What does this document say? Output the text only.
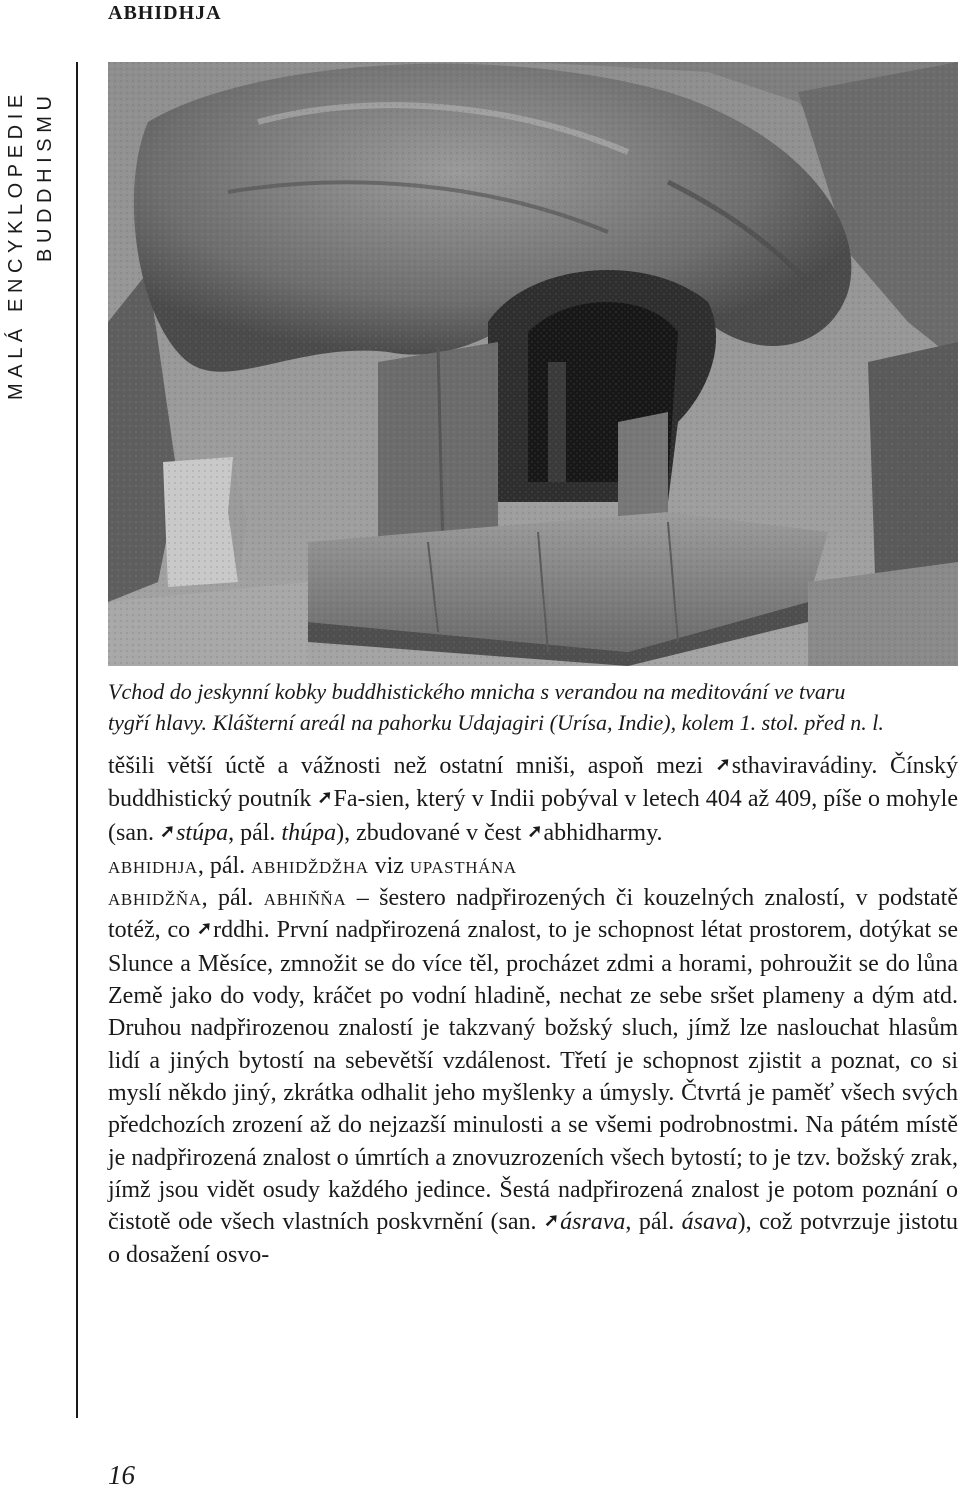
ABHIDHJA
MALÁ ENCYKLOPEDIE BUDDHISMU
Vchod do jeskynní kobky buddhistického mnicha s verandou na meditování ve tvaru
tygří hlavy. Klášterní areál na pahorku Udajagiri (Urísa, Indie), kolem 1. stol. před n. l.

těšili větší úctě a vážnosti než ostatní mniši, aspoň mezi ➚sthaviravádiny. Čínský buddhistický poutník ➚Fa-sien, který v Indii pobýval v letech 404 až 409, píše o mohyle (san. ➚stúpa, pál. thúpa), zbudované v čest ➚abhidharmy.

abhidhja, pál. abhidždžha viz upasthána

abhidžňa, pál. abhiňňa – šestero nadpřirozených či kouzelných znalostí, v podstatě totéž, co ➚rddhi. První nadpřirozená znalost, to je schopnost létat prostorem, dotýkat se Slunce a Měsíce, zmnožit se do více těl, procházet zdmi a horami, pohroužit se do lůna Země jako do vody, kráčet po vodní hladině, nechat ze sebe sršet plameny a dým atd. Druhou nadpřirozenou znalostí je takzvaný božský sluch, jímž lze naslouchat hlasům lidí a jiných bytostí na sebevětší vzdálenost. Třetí je schopnost zjistit a poznat, co si myslí někdo jiný, zkrátka odhalit jeho myšlenky a úmysly. Čtvrtá je paměť všech svých předchozích zrození až do nejzazší minulosti a se všemi podrobnostmi. Na pátém místě je nadpřirozená znalost o úmrtích a znovuzrozeních všech bytostí; to je tzv. božský zrak, jímž jsou vidět osudy každého jedince. Šestá nadpřirozená znalost je potom poznání o čistotě ode všech vlastních poskvrnění (san. ➚ásrava, pál. ásava), což potvrzuje jistotu o dosažení osvo-

16
